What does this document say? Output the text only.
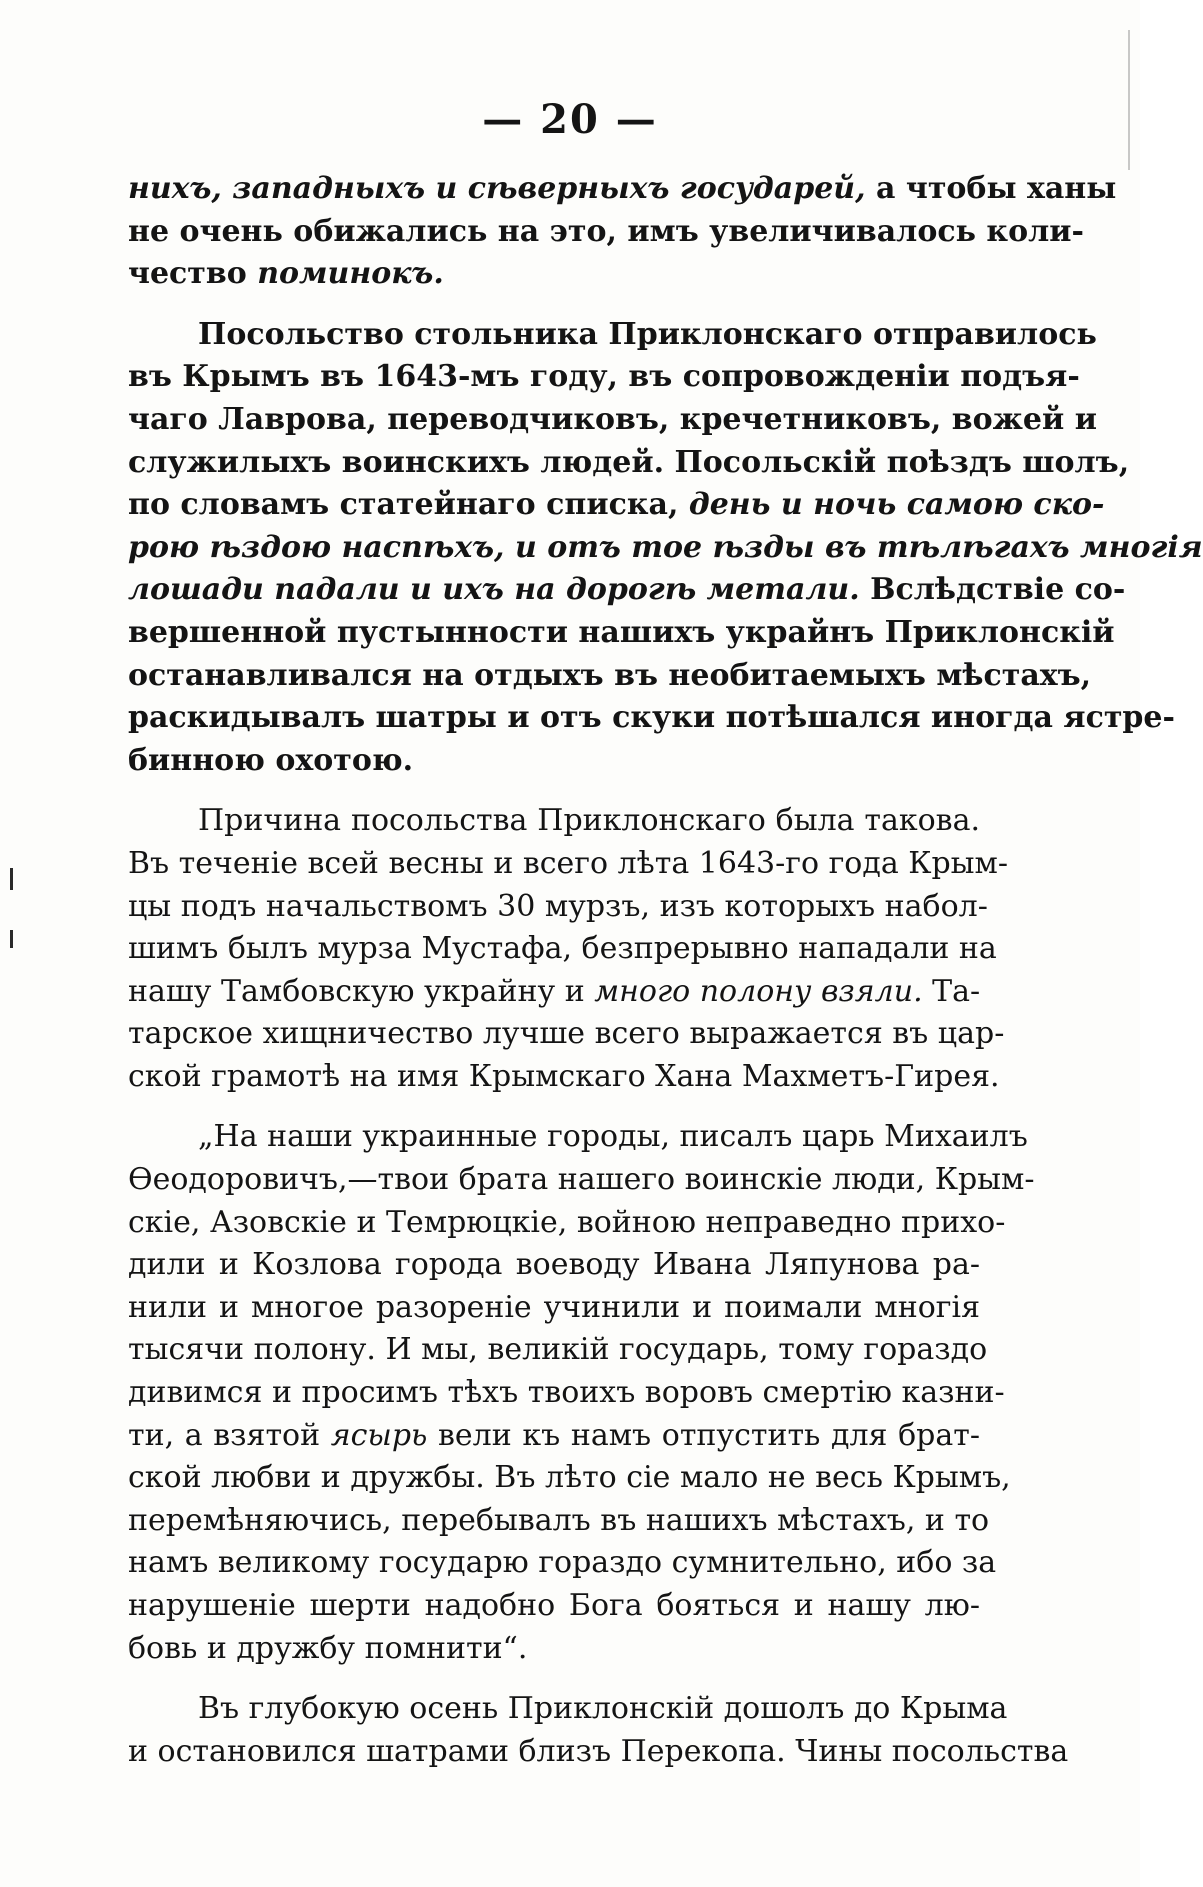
— 20 —
нихъ, западныхъ и сѣверныхъ государей, а чтобы ханы
не очень обижались на это, имъ увеличивалось коли-
чество поминокъ.
Посольство стольника Приклонскаго отправилось
въ Крымъ въ 1643-мъ году, въ сопровожденіи подъя-
чаго Лаврова, переводчиковъ, кречетниковъ, вожей и
служилыхъ воинскихъ людей. Посольскій поѣздъ шолъ,
по словамъ статейнаго списка, день и ночь самою ско-
рою ѣздою наспѣхъ, и отъ тое ѣзды въ тѣлѣгахъ многія
лошади падали и ихъ на дорогѣ метали. Вслѣдствіе со-
вершенной пустынности нашихъ украйнъ Приклонскій
останавливался на отдыхъ въ необитаемыхъ мѣстахъ,
раскидывалъ шатры и отъ скуки потѣшался иногда ястре-
бинною охотою.
Причина посольства Приклонскаго была такова.
Въ теченіе всей весны и всего лѣта 1643-го года Крым-
цы подъ начальствомъ 30 мурзъ, изъ которыхъ набол-
шимъ былъ мурза Мустафа, безпрерывно нападали на
нашу Тамбовскую украйну и много полону взяли. Та-
тарское хищничество лучше всего выражается въ цар-
ской грамотѣ на имя Крымскаго Хана Махметъ-Гирея.
„На наши украинные городы, писалъ царь Михаилъ
Ѳеодоровичъ,—твои брата нашего воинскіе люди, Крым-
скіе, Азовскіе и Темрюцкіе, войною неправедно прихо-
дили и Козлова города воеводу Ивана Ляпунова ра-
нили и многое разореніе учинили и поимали многія
тысячи полону. И мы, великій государь, тому гораздо
дивимся и просимъ тѣхъ твоихъ воровъ смертію казни-
ти, а взятой ясырь вели къ намъ отпустить для брат-
ской любви и дружбы. Въ лѣто сіе мало не весь Крымъ,
перемѣняючись, перебывалъ въ нашихъ мѣстахъ, и то
намъ великому государю гораздо сумнительно, ибо за
нарушеніе шерти надобно Бога бояться и нашу лю-
бовь и дружбу помнити“.
Въ глубокую осень Приклонскій дошолъ до Крыма
и остановился шатрами близъ Перекопа. Чины посольства
